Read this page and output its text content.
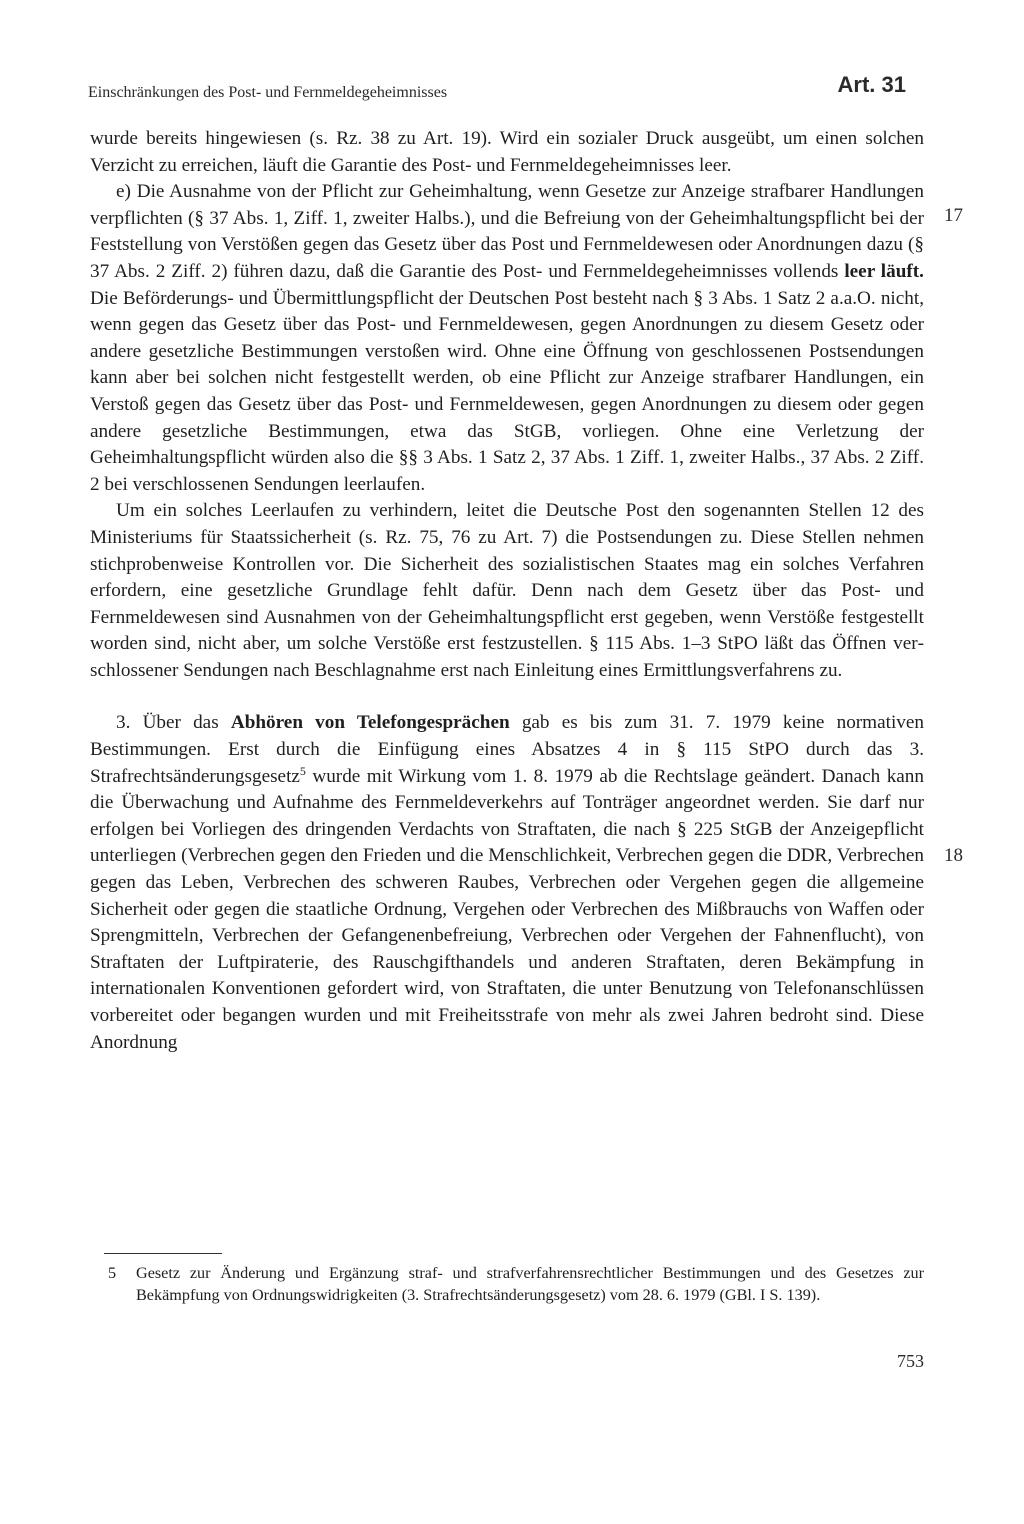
Einschränkungen des Post- und Fernmeldegeheimnisses	Art. 31
17
18

wurde bereits hingewiesen (s. Rz. 38 zu Art. 19). Wird ein sozialer Druck ausgeübt, um einen solchen Verzicht zu erreichen, läuft die Garantie des Post- und Fernmeldegeheimnisses leer.

e) Die Ausnahme von der Pflicht zur Geheimhaltung, wenn Gesetze zur Anzeige strafbarer Handlungen verpflichten (§ 37 Abs. 1, Ziff. 1, zweiter Halbs.), und die Befreiung von der Geheimhaltungspflicht bei der Feststellung von Verstößen gegen das Gesetz über das Post und Fernmeldewesen oder Anordnungen dazu (§ 37 Abs. 2 Ziff. 2) führen dazu, daß die Garantie des Post- und Fernmeldegeheimnisses vollends leer läuft. Die Beförderungs- und Übermittlungspflicht der Deutschen Post besteht nach § 3 Abs. 1 Satz 2 a.a.O. nicht, wenn gegen das Gesetz über das Post- und Fernmeldewesen, gegen Anordnungen zu diesem Gesetz oder andere gesetzliche Bestimmungen verstoßen wird. Ohne eine Öffnung von geschlossenen Postsendungen kann aber bei solchen nicht festgestellt werden, ob eine Pflicht zur Anzeige strafbarer Handlungen, ein Verstoß gegen das Gesetz über das Post- und Fernmeldewesen, gegen Anordnungen zu diesem oder gegen andere gesetzliche Bestimmungen, etwa das StGB, vorliegen. Ohne eine Verletzung der Geheimhaltungspflicht würden also die §§ 3 Abs. 1 Satz 2, 37 Abs. 1 Ziff. 1, zweiter Halbs., 37 Abs. 2 Ziff. 2 bei verschlossenen Sendungen leerlaufen.

Um ein solches Leerlaufen zu verhindern, leitet die Deutsche Post den sogenannten Stellen 12 des Ministeriums für Staatssicherheit (s. Rz. 75, 76 zu Art. 7) die Postsendungen zu. Diese Stellen nehmen stichprobenweise Kontrollen vor. Die Sicherheit des sozialistischen Staates mag ein solches Verfahren erfordern, eine gesetzliche Grundlage fehlt dafür. Denn nach dem Gesetz über das Post- und Fernmeldewesen sind Ausnahmen von der Geheimhaltungspflicht erst gegeben, wenn Verstöße festgestellt worden sind, nicht aber, um solche Verstöße erst festzustellen. § 115 Abs. 1–3 StPO läßt das Öffnen verschlossener Sendungen nach Beschlagnahme erst nach Einleitung eines Ermittlungsverfahrens zu.

3. Über das Abhören von Telefongesprächen gab es bis zum 31. 7. 1979 keine normativen Bestimmungen. Erst durch die Einfügung eines Absatzes 4 in § 115 StPO durch das 3. Strafrechtsänderungsgesetz$^5$ wurde mit Wirkung vom 1. 8. 1979 ab die Rechtslage geändert. Danach kann die Überwachung und Aufnahme des Fernmeldeverkehrs auf Tonträger angeordnet werden. Sie darf nur erfolgen bei Vorliegen des dringenden Verdachts von Straftaten, die nach § 225 StGB der Anzeigepflicht unterliegen (Verbrechen gegen den Frieden und die Menschlichkeit, Verbrechen gegen die DDR, Verbrechen gegen das Leben, Verbrechen des schweren Raubes, Verbrechen oder Vergehen gegen die allgemeine Sicherheit oder gegen die staatliche Ordnung, Vergehen oder Verbrechen des Mißbrauchs von Waffen oder Sprengmitteln, Verbrechen der Gefangenenbefreiung, Verbrechen oder Vergehen der Fahnenflucht), von Straftaten der Luftpiraterie, des Rauschgifthandels und anderen Straftaten, deren Bekämpfung in internationalen Konventionen gefordert wird, von Straftaten, die unter Benutzung von Telefonanschlüssen vorbereitet oder begangen wurden und mit Freiheitsstrafe von mehr als zwei Jahren bedroht sind. Diese Anordnung

5	Gesetz zur Änderung und Ergänzung straf- und strafverfahrensrechtlicher Bestimmungen und des Gesetzes zur Bekämpfung von Ordnungswidrigkeiten (3. Strafrechtsänderungsgesetz) vom 28. 6. 1979 (GBl. I S. 139).
753
